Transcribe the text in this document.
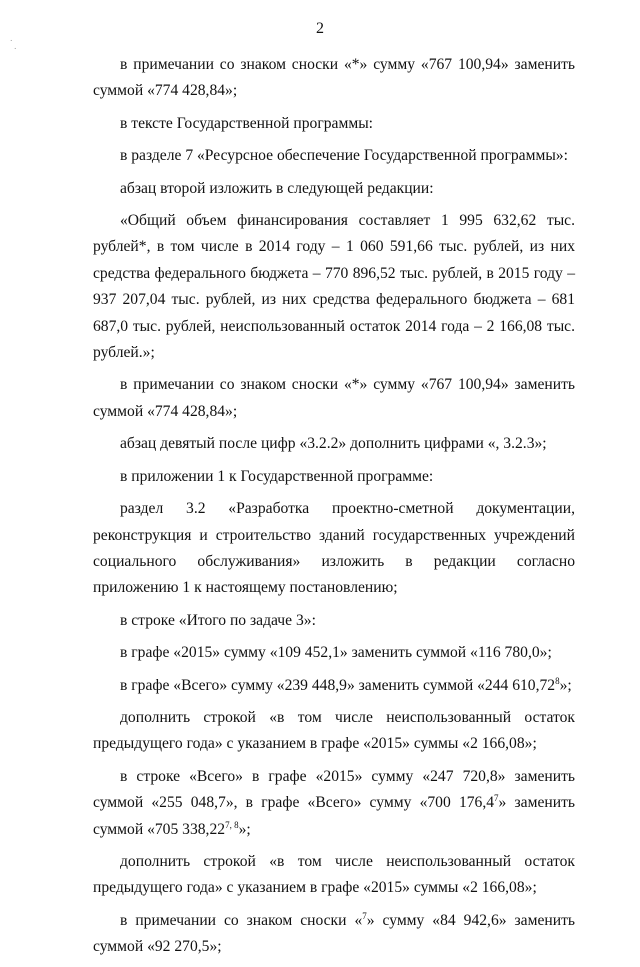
·
·
2

в примечании со знаком сноски «*» сумму «767 100,94» заменить суммой «774 428,84»;

в тексте Государственной программы:

в разделе 7 «Ресурсное обеспечение Государственной программы»:

абзац второй изложить в следующей редакции:

«Общий объем финансирования составляет 1 995 632,62 тыс. рублей*, в том числе в 2014 году – 1 060 591,66 тыс. рублей, из них средства федерального бюджета – 770 896,52 тыс. рублей, в 2015 году – 937 207,04 тыс. рублей, из них средства федерального бюджета – 681 687,0 тыс. рублей, неиспользованный остаток 2014 года – 2 166,08 тыс. рублей.»;

в примечании со знаком сноски «*» сумму «767 100,94» заменить суммой «774 428,84»;

абзац девятый после цифр «3.2.2» дополнить цифрами «, 3.2.3»;

в приложении 1 к Государственной программе:

раздел 3.2 «Разработка проектно-сметной документации, реконструкция и строительство зданий государственных учреждений социального обслуживания» изложить в редакции согласно приложению 1 к настоящему постановлению;

в строке «Итого по задаче 3»:

в графе «2015» сумму «109 452,1» заменить суммой «116 780,0»;

в графе «Всего» сумму «239 448,9» заменить суммой «244 610,72$^8$»;

дополнить строкой «в том числе неиспользованный остаток предыдущего года» с указанием в графе «2015» суммы «2 166,08»;

в строке «Всего» в графе «2015» сумму «247 720,8» заменить суммой «255 048,7», в графе «Всего» сумму «700 176,4$^7$» заменить суммой «705 338,22$^{7, 8}$»;

дополнить строкой «в том числе неиспользованный остаток предыдущего года» с указанием в графе «2015» суммы «2 166,08»;

в примечании со знаком сноски «$^7$» сумму «84 942,6» заменить суммой «92 270,5»;
